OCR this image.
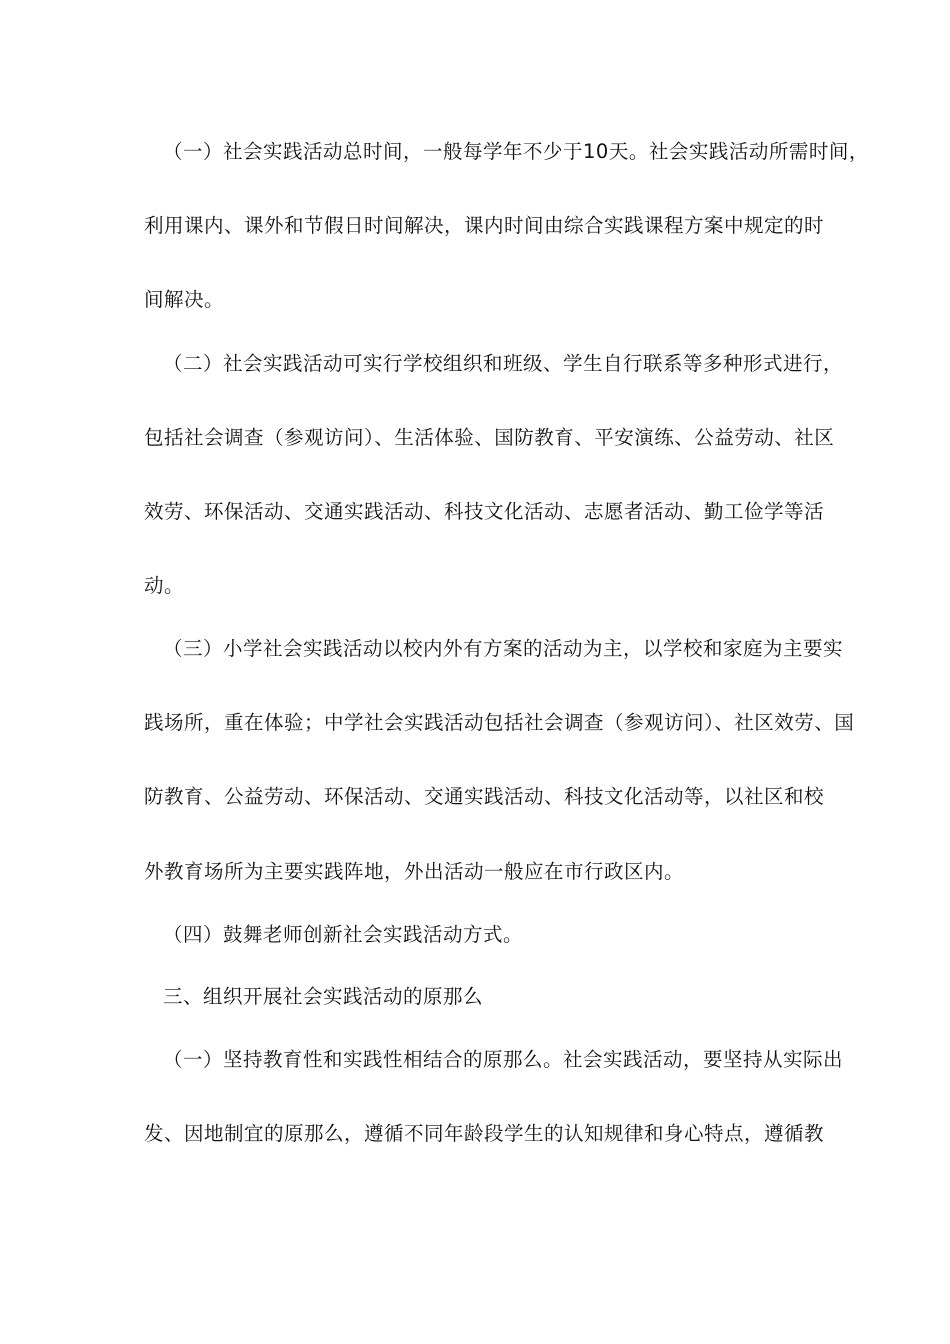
（一）社会实践活动总时间，一般每学年不少于10天。社会实践活动所需时间，

利用课内、课外和节假日时间解决，课内时间由综合实践课程方案中规定的时

间解决。

（二）社会实践活动可实行学校组织和班级、学生自行联系等多种形式进行，

包括社会调查（参观访问）、生活体验、国防教育、平安演练、公益劳动、社区

效劳、环保活动、交通实践活动、科技文化活动、志愿者活动、勤工俭学等活

动。

（三）小学社会实践活动以校内外有方案的活动为主，以学校和家庭为主要实

践场所，重在体验；中学社会实践活动包括社会调查（参观访问）、社区效劳、国

防教育、公益劳动、环保活动、交通实践活动、科技文化活动等，以社区和校

外教育场所为主要实践阵地，外出活动一般应在市行政区内。

（四）鼓舞老师创新社会实践活动方式。

三、组织开展社会实践活动的原那么

（一）坚持教育性和实践性相结合的原那么。社会实践活动，要坚持从实际出

发、因地制宜的原那么，遵循不同年龄段学生的认知规律和身心特点，遵循教
